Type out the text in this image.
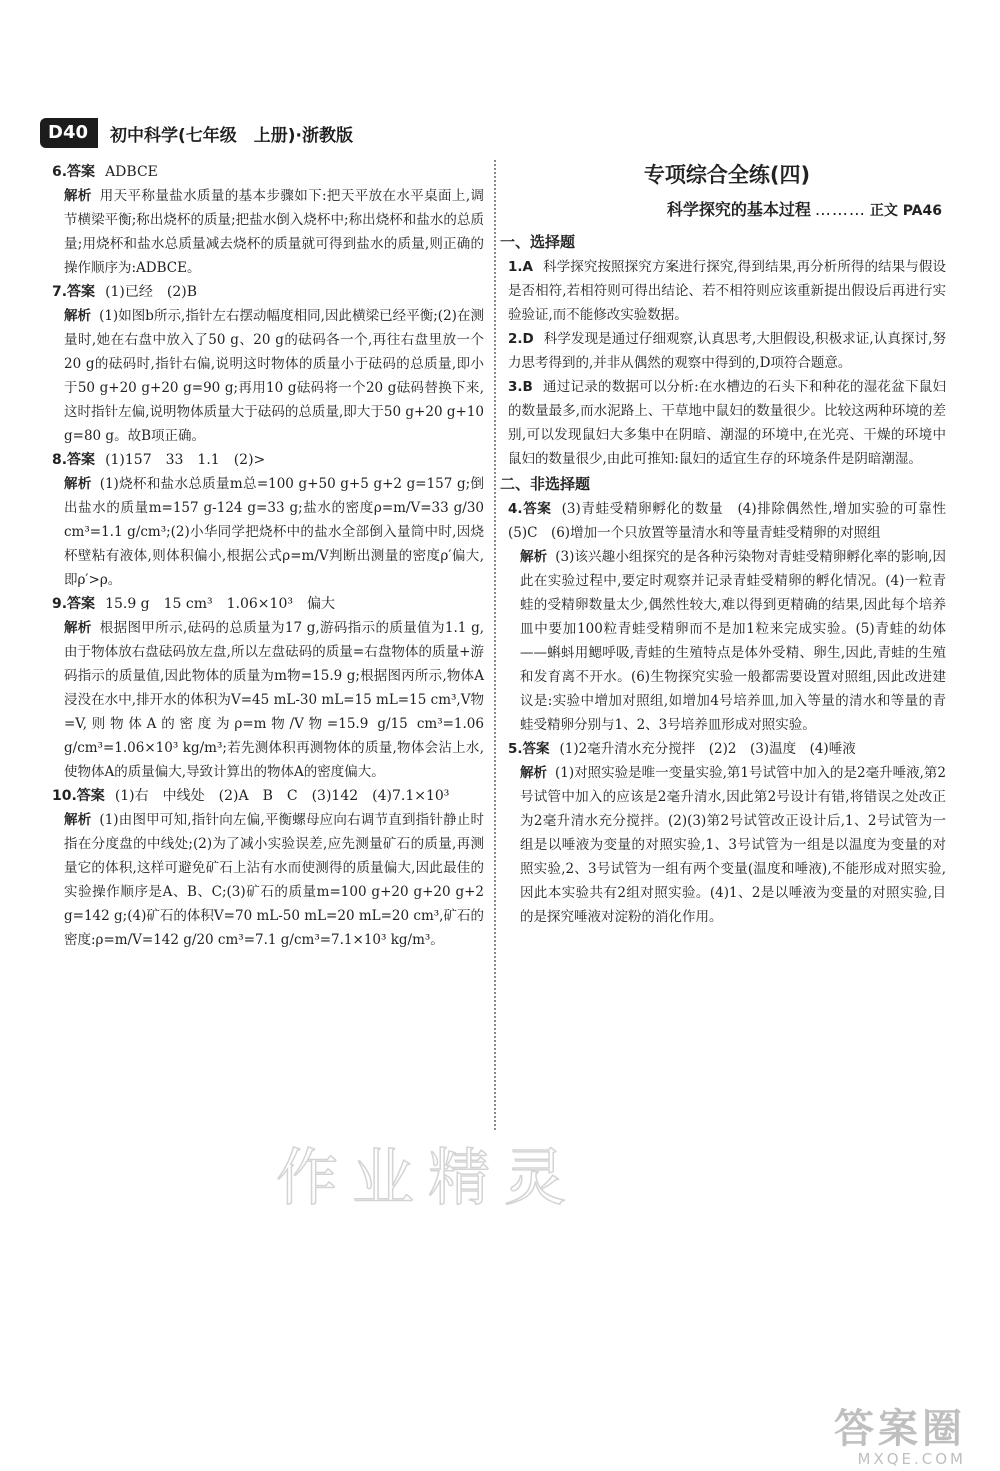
D40	初中科学(七年级　上册)·浙教版
6.答案 ADBCE

解析 用天平称量盐水质量的基本步骤如下:把天平放在水平桌面上,调节横梁平衡;称出烧杯的质量;把盐水倒入烧杯中;称出烧杯和盐水的总质量;用烧杯和盐水总质量减去烧杯的质量就可得到盐水的质量,则正确的操作顺序为:ADBCE。

7.答案 (1)已经　(2)B

解析 (1)如图b所示,指针左右摆动幅度相同,因此横梁已经平衡;(2)在测量时,她在右盘中放入了50 g、20 g的砝码各一个,再往右盘里放一个20 g的砝码时,指针右偏,说明这时物体的质量小于砝码的总质量,即小于50 g+20 g+20 g=90 g;再用10 g砝码将一个20 g砝码替换下来,这时指针左偏,说明物体质量大于砝码的总质量,即大于50 g+20 g+10 g=80 g。故B项正确。

8.答案 (1)157　33　1.1　(2)>

解析 (1)烧杯和盐水总质量m总=100 g+50 g+5 g+2 g=157 g;倒出盐水的质量m=157 g-124 g=33 g;盐水的密度ρ=m/V=33 g/30 cm³=1.1 g/cm³;(2)小华同学把烧杯中的盐水全部倒入量筒中时,因烧杯壁粘有液体,则体积偏小,根据公式ρ=m/V判断出测量的密度ρ′偏大,即ρ′>ρ。

9.答案 15.9 g　15 cm³　1.06×10³　偏大

解析 根据图甲所示,砝码的总质量为17 g,游码指示的质量值为1.1 g,由于物体放右盘砝码放左盘,所以左盘砝码的质量=右盘物体的质量+游码指示的质量值,因此物体的质量为m物=15.9 g;根据图丙所示,物体A浸没在水中,排开水的体积为V=45 mL-30 mL=15 mL=15 cm³,V物=V,则物体A的密度为ρ=m物/V物=15.9 g/15 cm³=1.06 g/cm³=1.06×10³ kg/m³;若先测体积再测物体的质量,物体会沾上水,使物体A的质量偏大,导致计算出的物体A的密度偏大。

10.答案 (1)右　中线处　(2)A　B　C　(3)142　(4)7.1×10³

解析 (1)由图甲可知,指针向左偏,平衡螺母应向右调节直到指针静止时指在分度盘的中线处;(2)为了减小实验误差,应先测量矿石的质量,再测量它的体积,这样可避免矿石上沾有水而使测得的质量偏大,因此最佳的实验操作顺序是A、B、C;(3)矿石的质量m=100 g+20 g+20 g+2 g=142 g;(4)矿石的体积V=70 mL-50 mL=20 mL=20 cm³,矿石的密度:ρ=m/V=142 g/20 cm³=7.1 g/cm³=7.1×10³ kg/m³。

专项综合全练(四)
科学探究的基本过程 ……… 正文 PA46
一、选择题

1.A 科学探究按照探究方案进行探究,得到结果,再分析所得的结果与假设是否相符,若相符则可得出结论、若不相符则应该重新提出假设后再进行实验验证,而不能修改实验数据。

2.D 科学发现是通过仔细观察,认真思考,大胆假设,积极求证,认真探讨,努力思考得到的,并非从偶然的观察中得到的,D项符合题意。

3.B 通过记录的数据可以分析:在水槽边的石头下和种花的湿花盆下鼠妇的数量最多,而水泥路上、干草地中鼠妇的数量很少。比较这两种环境的差别,可以发现鼠妇大多集中在阴暗、潮湿的环境中,在光亮、干燥的环境中鼠妇的数量很少,由此可推知:鼠妇的适宜生存的环境条件是阴暗潮湿。

二、非选择题

4.答案 (3)青蛙受精卵孵化的数量　(4)排除偶然性,增加实验的可靠性　(5)C　(6)增加一个只放置等量清水和等量青蛙受精卵的对照组

解析 (3)该兴趣小组探究的是各种污染物对青蛙受精卵孵化率的影响,因此在实验过程中,要定时观察并记录青蛙受精卵的孵化情况。(4)一粒青蛙的受精卵数量太少,偶然性较大,难以得到更精确的结果,因此每个培养皿中要加100粒青蛙受精卵而不是加1粒来完成实验。(5)青蛙的幼体——蝌蚪用鳃呼吸,青蛙的生殖特点是体外受精、卵生,因此,青蛙的生殖和发育离不开水。(6)生物探究实验一般都需要设置对照组,因此改进建议是:实验中增加对照组,如增加4号培养皿,加入等量的清水和等量的青蛙受精卵分别与1、2、3号培养皿形成对照实验。

5.答案 (1)2毫升清水充分搅拌　(2)2　(3)温度　(4)唾液

解析 (1)对照实验是唯一变量实验,第1号试管中加入的是2毫升唾液,第2号试管中加入的应该是2毫升清水,因此第2号设计有错,将错误之处改正为2毫升清水充分搅拌。(2)(3)第2号试管改正设计后,1、2号试管为一组是以唾液为变量的对照实验,1、3号试管为一组是以温度为变量的对照实验,2、3号试管为一组有两个变量(温度和唾液),不能形成对照实验,因此本实验共有2组对照实验。(4)1、2是以唾液为变量的对照实验,目的是探究唾液对淀粉的消化作用。

作业精灵
答案圈
MXQE.COM
